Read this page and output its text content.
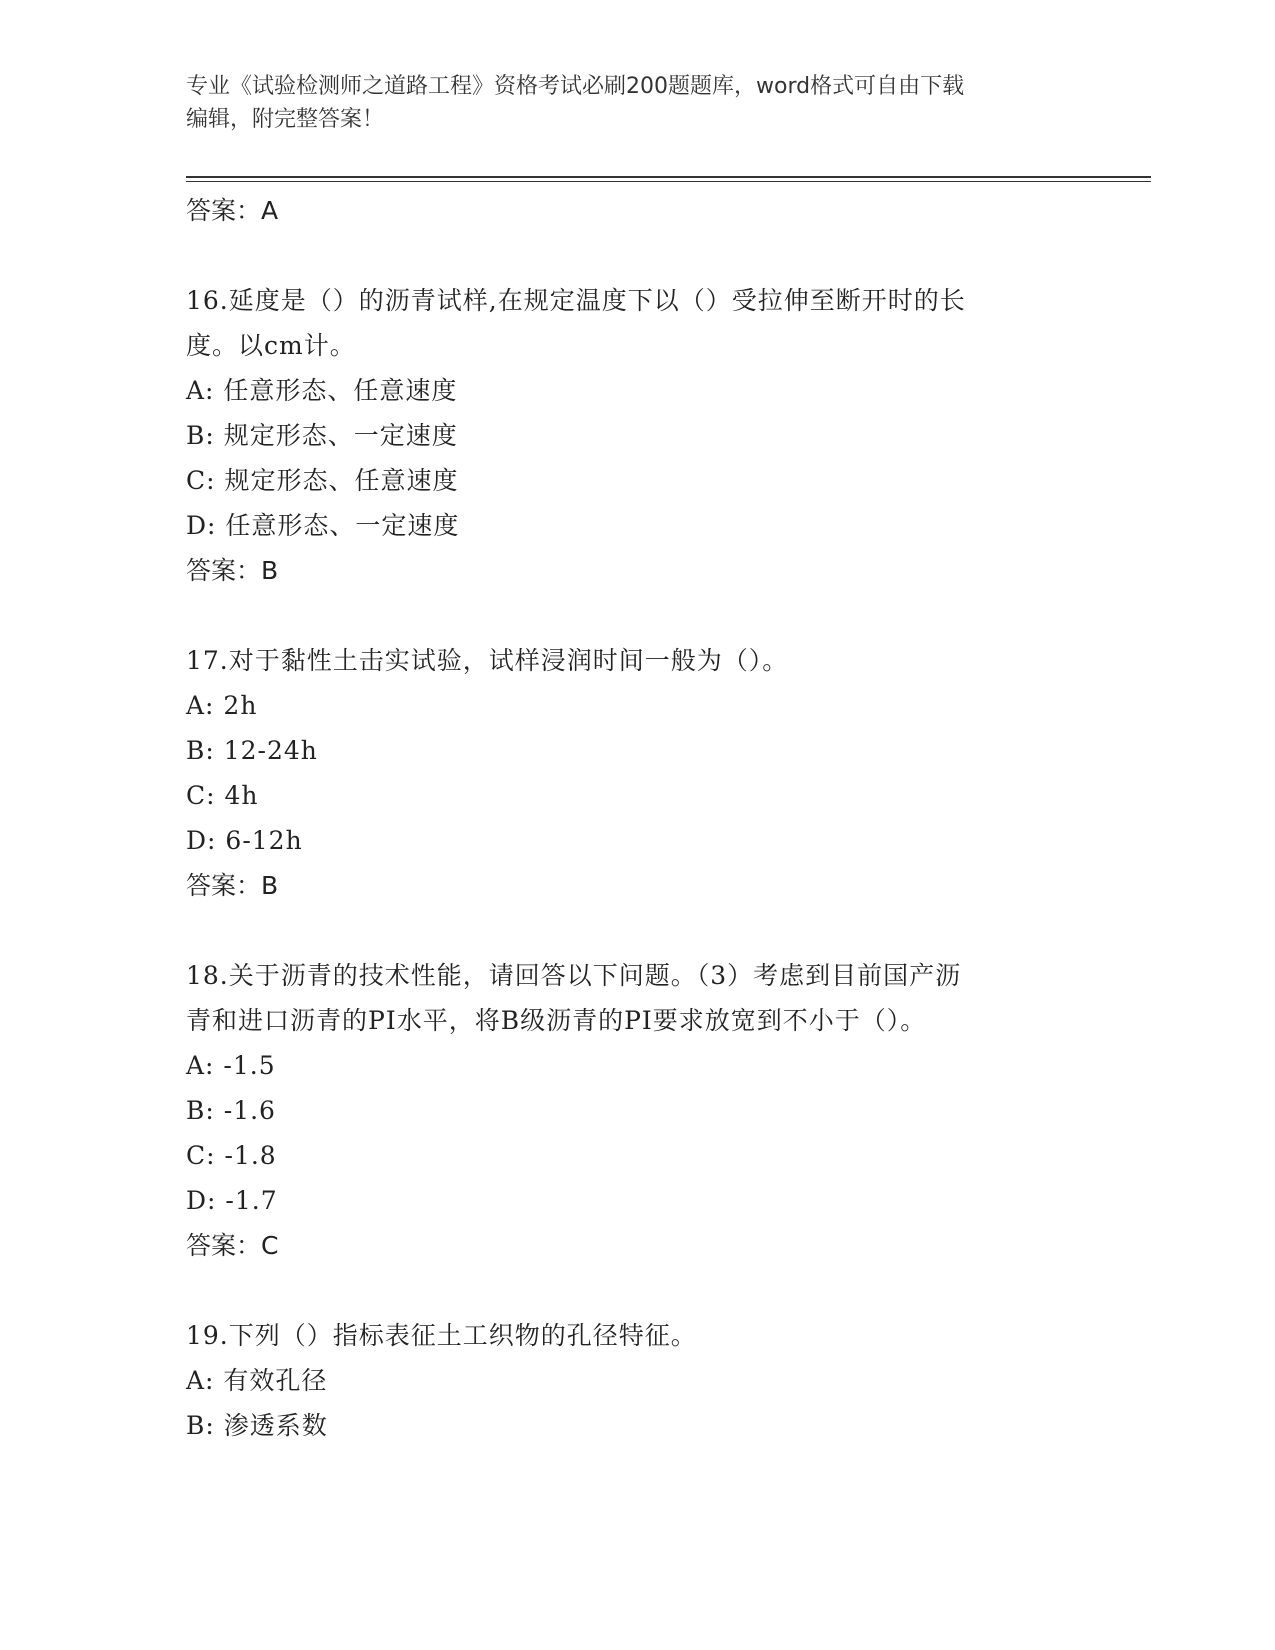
专业《试验检测师之道路工程》资格考试必刷200题题库，word格式可自由下载
编辑，附完整答案！
答案：A
16.延度是（）的沥青试样,在规定温度下以（）受拉伸至断开时的长
度。以cm计。
A: 任意形态、任意速度
B: 规定形态、一定速度
C: 规定形态、任意速度
D: 任意形态、一定速度
答案：B
17.对于黏性土击实试验，试样浸润时间一般为（）。
A: 2h
B: 12-24h
C: 4h
D: 6-12h
答案：B
18.关于沥青的技术性能，请回答以下问题。（3）考虑到目前国产沥
青和进口沥青的PI水平，将B级沥青的PI要求放宽到不小于（）。
A: -1.5
B: -1.6
C: -1.8
D: -1.7
答案：C
19.下列（）指标表征土工织物的孔径特征。
A: 有效孔径
B: 渗透系数
